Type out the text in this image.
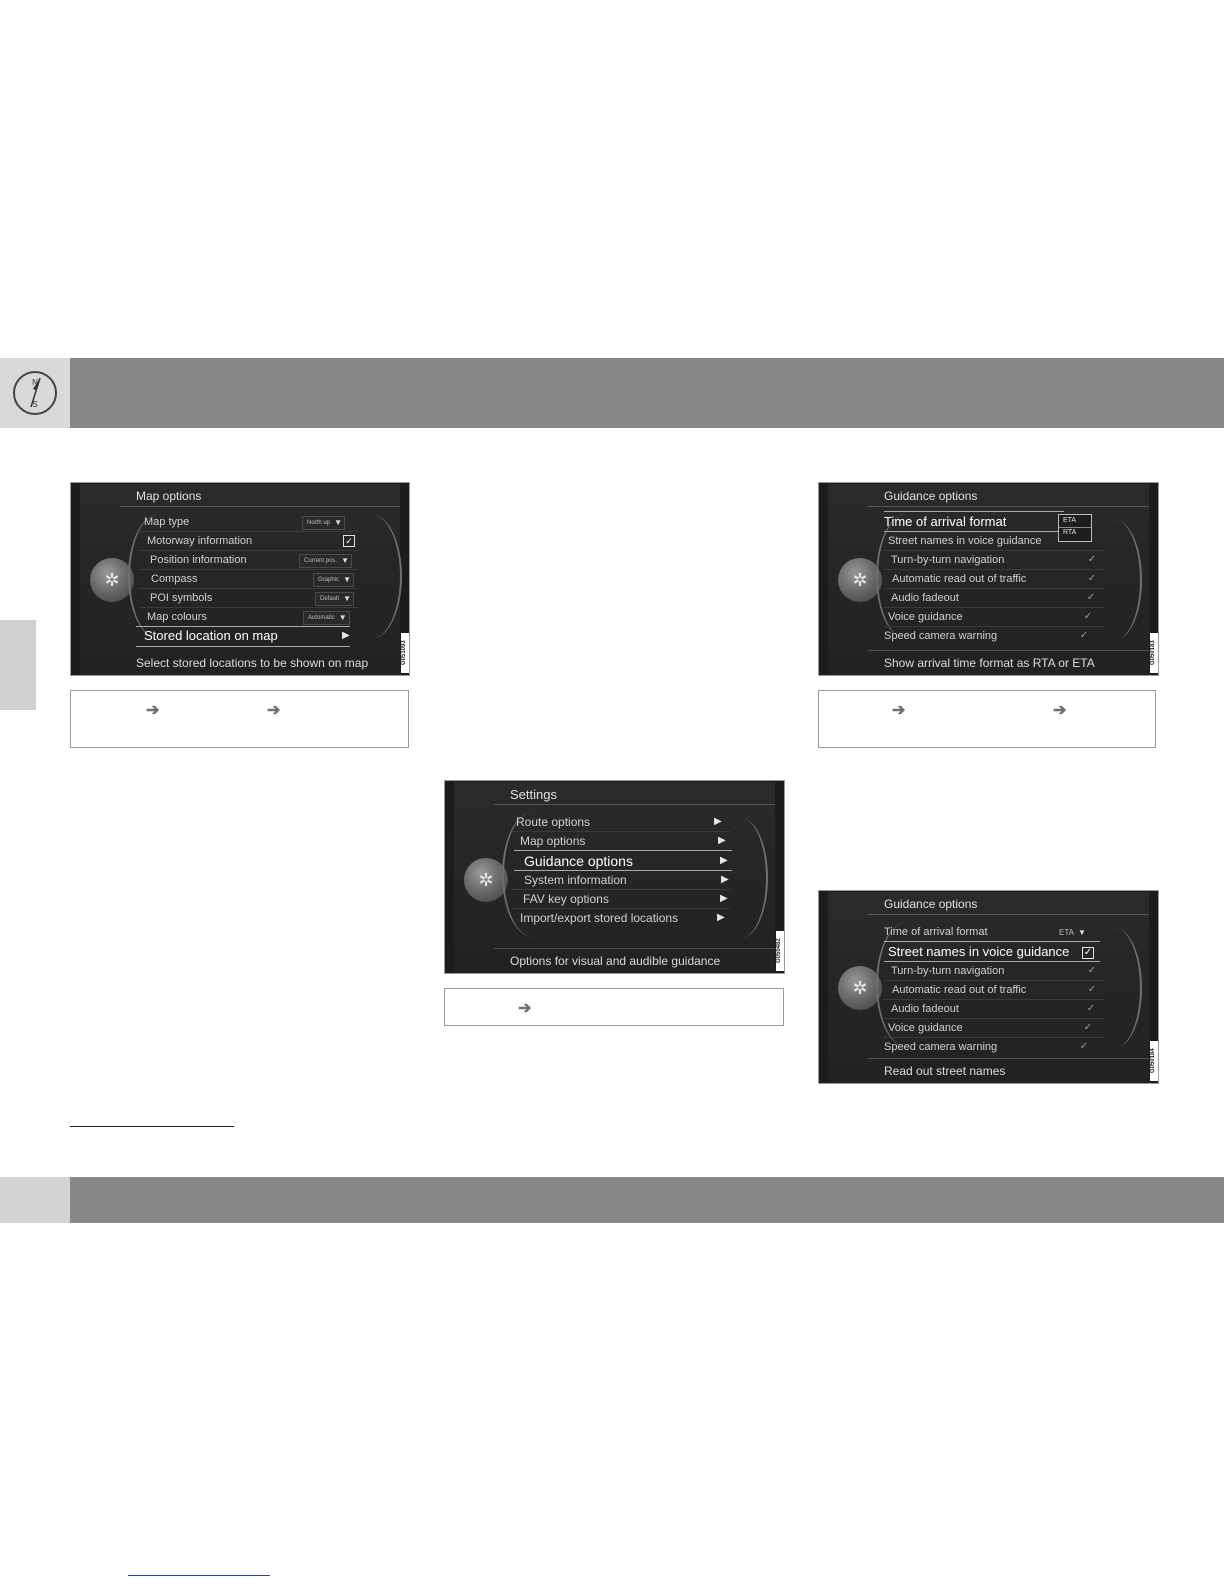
N
S
Map options
✲
Map type	North up ▼
Motorway information	✓
Position information	Current pos. ▼
Compass	Graphic ▼
POI symbols	Default ▼
Map colours	Automatic ▼
Stored location on map	▶
Select stored locations to be shown on map	G051093
➔	➔
Settings
✲
Route options	▶
Map options	▶
Guidance options	▶
System information	▶
FAV key options	▶
Import/export stored locations	▶
Options for visual and audible guidance	G050482
➔
Guidance options
✲
Time of arrival format	ETA
RTA
Street names in voice guidance
Turn-by-turn navigation	✓
Automatic read out of traffic	✓
Audio fadeout	✓
Voice guidance	✓
Speed camera warning	✓
Show arrival time format as RTA or ETA	G050183
➔	➔
Guidance options
✲
Time of arrival format	ETA ▼
Street names in voice guidance ✓
Turn-by-turn navigation	✓
Automatic read out of traffic	✓
Audio fadeout	✓
Voice guidance	✓
Speed camera warning	✓
Read out street names	G050184
